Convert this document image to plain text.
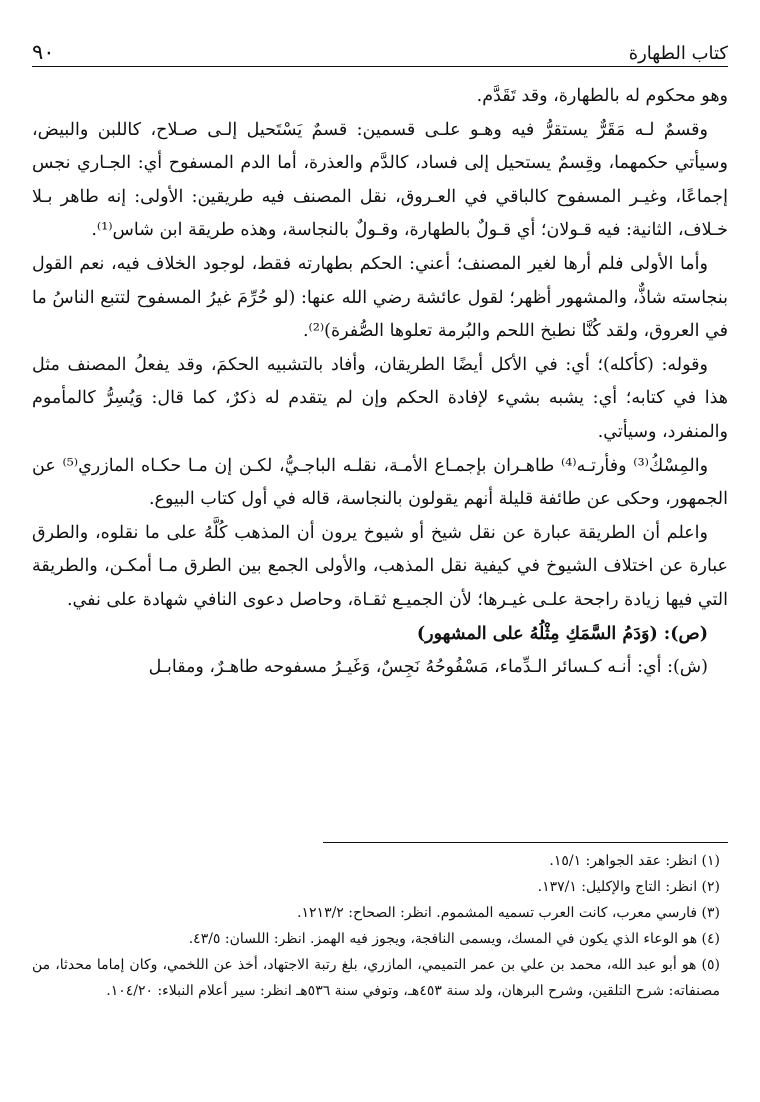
كتاب الطهارة
٩٠

وهو محكوم له بالطهارة، وقد تَقَدَّم.

وقسمٌ لـه مَقَرٌّ يستقرُّ فيه وهـو علـى قسمين: قسمٌ يَسْتَحيل إلـى صـلاح، كاللبن والبيض، وسيأتي حكمهما، وقِسمٌ يستحيل إلى فساد، كالدَّم والعذرة، أما الدم المسفوح أي: الجـاري نجس إجماعًا، وغيـر المسفوح كالباقي في العـروق، نقل المصنف فيه طريقين: الأولى: إنه طاهر بـلا خـلاف، الثانية: فيه قـولان؛ أي قـولٌ بالطهارة، وقـولٌ بالنجاسة، وهذه طريقة ابن شاس⁽¹⁾.

وأما الأولى فلم أرها لغير المصنف؛ أعني: الحكم بطهارته فقط، لوجود الخلاف فيه، نعم القول بنجاسته شاذٌّ، والمشهور أظهر؛ لقول عائشة رضي الله عنها: (لو حُرِّمَ غيرُ المسفوح لتتبع الناسُ ما في العروق، ولقد كُنَّا نطبخ اللحم والبُرمة تعلوها الصُّفرة)⁽²⁾.

وقوله: (كأكله)؛ أي: في الأكل أيضًا الطريقان، وأفاد بالتشبيه الحكمَ، وقد يفعلُ المصنف مثل هذا في كتابه؛ أي: يشبه بشيء لإفادة الحكم وإن لم يتقدم له ذكرٌ، كما قال: وَيُسِرُّ كالمأموم والمنفرد، وسيأتي.

والمِسْكُ⁽³⁾ وفأرتـه⁽⁴⁾ طاهـران بإجمـاع الأمـة، نقلـه الباجـيُّ، لكـن إن مـا حكـاه المازري⁽⁵⁾ عن الجمهور، وحكى عن طائفة قليلة أنهم يقولون بالنجاسة، قاله في أول كتاب البيوع.

واعلم أن الطريقة عبارة عن نقل شيخ أو شيوخ يرون أن المذهب كُلَّهُ على ما نقلوه، والطرق عبارة عن اختلاف الشيوخ في كيفية نقل المذهب، والأولى الجمع بين الطرق مـا أمكـن، والطريقة التي فيها زيادة راجحة علـى غيـرها؛ لأن الجميـع ثقـاة، وحاصل دعوى النافي شهادة على نفي.

(ص): (وَدَمُ السَّمَكِ مِثْلُهُ على المشهور)

(ش): أي: أنـه كـسائر الـدِّماء، مَسْفُوحُهُ نَجِسٌ، وَغَيـرُ مسفوحه طاهـرٌ، ومقابـل

(١) انظر: عقد الجواهر: ١٥/١.

(٢) انظر: التاج والإكليل: ١٣٧/١.

(٣) فارسي معرب، كانت العرب تسميه المشموم. انظر: الصحاح: ١٢١٣/٢.

(٤) هو الوعاء الذي يكون في المسك، ويسمى النافجة، ويجوز فيه الهمز. انظر: اللسان: ٤٣/٥.

(٥) هو أبو عبد الله، محمد بن علي بن عمر التميمي، المازري، بلغ رتبة الاجتهاد، أخذ عن اللخمي، وكان إماما محدثا، من مصنفاته: شرح التلقين، وشرح البرهان، ولد سنة ٤٥٣هـ، وتوفي سنة ٥٣٦هـ انظر: سير أعلام النبلاء: ١٠٤/٢٠.
